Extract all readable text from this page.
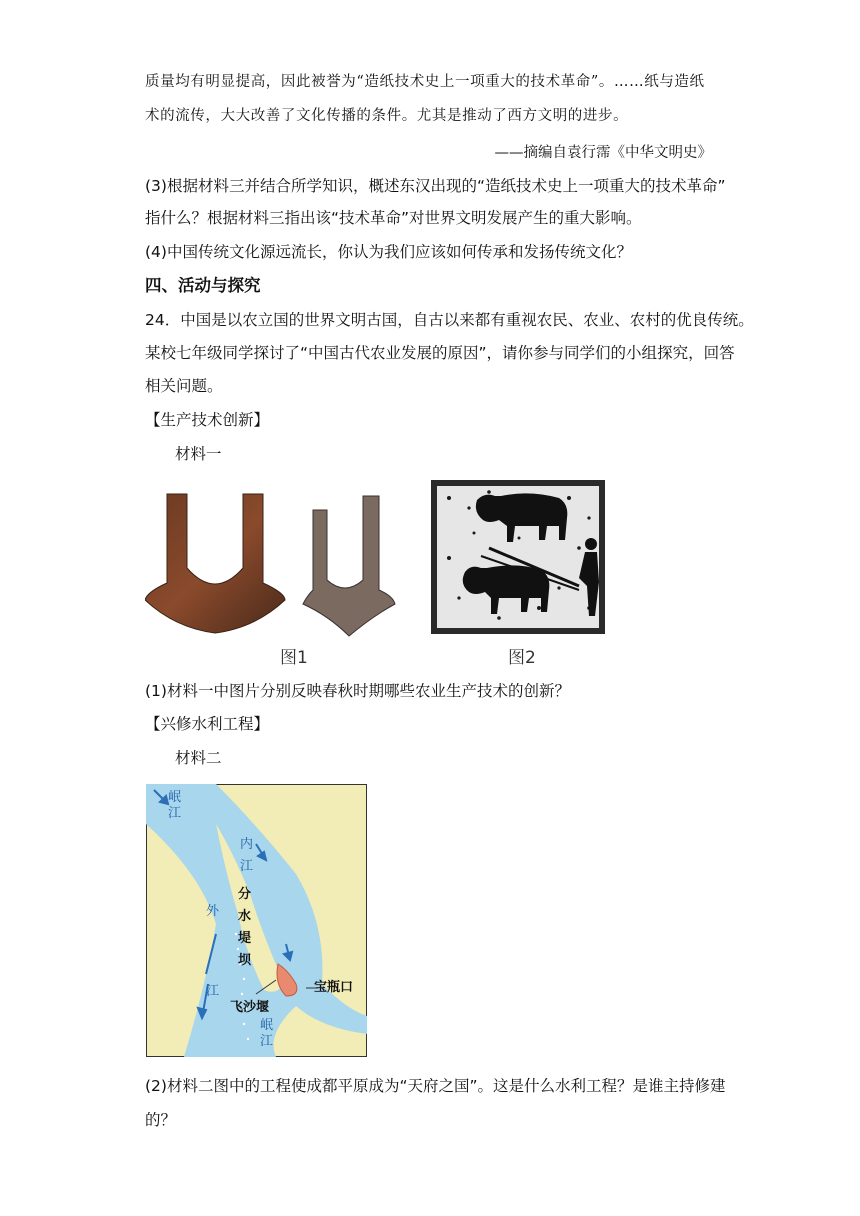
质量均有明显提高，因此被誉为“造纸技术史上一项重大的技术革命”。……纸与造纸
术的流传，大大改善了文化传播的条件。尤其是推动了西方文明的进步。
——摘编自袁行霈《中华文明史》
(3)根据材料三并结合所学知识，概述东汉出现的“造纸技术史上一项重大的技术革命”
指什么？根据材料三指出该“技术革命”对世界文明发展产生的重大影响。
(4)中国传统文化源远流长，你认为我们应该如何传承和发扬传统文化？
四、活动与探究
24．中国是以农立国的世界文明古国，自古以来都有重视农民、农业、农村的优良传统。
某校七年级同学探讨了“中国古代农业发展的原因”，请你参与同学们的小组探究，回答
相关问题。
【生产技术创新】
材料一
图1	图2
(1)材料一中图片分别反映春秋时期哪些农业生产技术的创新？
【兴修水利工程】
材料二
岷江
内江
外江
分水堤坝
宝瓶口
飞沙堰
岷江
(2)材料二图中的工程使成都平原成为“天府之国”。这是什么水利工程？是谁主持修建
的？
